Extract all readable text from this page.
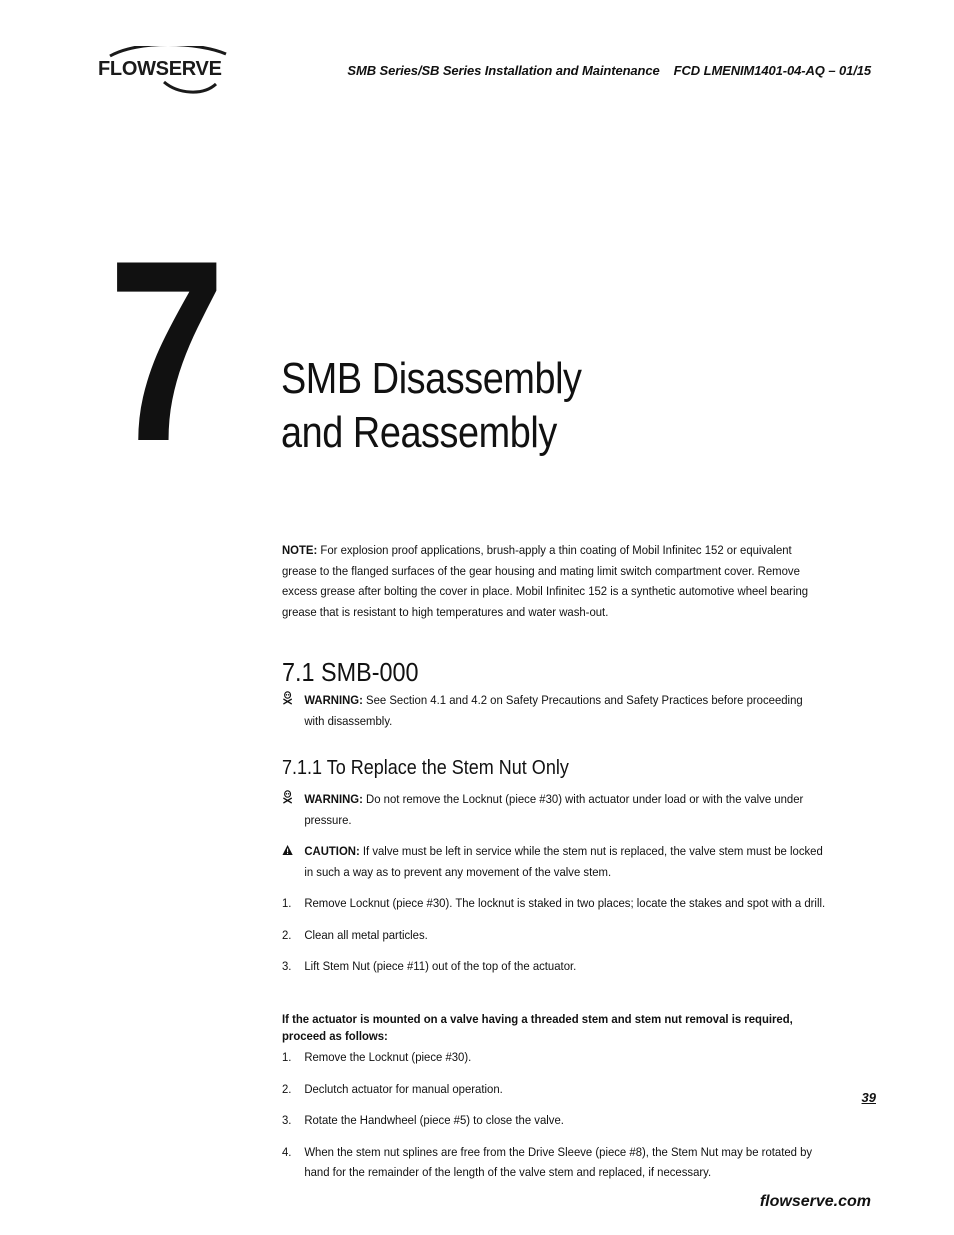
FLOWSERVE	SMB Series/SB Series Installation and Maintenance FCD LMENIM1401-04-AQ – 01/15
7 SMB Disassembly
and Reassembly

NOTE: For explosion proof applications, brush-apply a thin coating of Mobil Infinitec 152 or equivalent grease to the flanged surfaces of the gear housing and mating limit switch compartment cover. Remove excess grease after bolting the cover in place. Mobil Infinitec 152 is a synthetic automotive wheel bearing grease that is resistant to high temperatures and water wash-out.

7.1 SMB-000
WARNING: See Section 4.1 and 4.2 on Safety Precautions and Safety Practices before proceeding with disassembly.
7.1.1 To Replace the Stem Nut Only
WARNING: Do not remove the Locknut (piece #30) with actuator under load or with the valve under pressure.
CAUTION: If valve must be left in service while the stem nut is replaced, the valve stem must be locked in such a way as to prevent any movement of the valve stem.
1. Remove Locknut (piece #30). The locknut is staked in two places; locate the stakes and spot with a drill.
2. Clean all metal particles.
3. Lift Stem Nut (piece #11) out of the top of the actuator.
If the actuator is mounted on a valve having a threaded stem and stem nut removal is required, proceed as follows:
1. Remove the Locknut (piece #30).
2. Declutch actuator for manual operation.
3. Rotate the Handwheel (piece #5) to close the valve.
4. When the stem nut splines are free from the Drive Sleeve (piece #8), the Stem Nut may be rotated by hand for the remainder of the length of the valve stem and replaced, if necessary.
39
flowserve.com
